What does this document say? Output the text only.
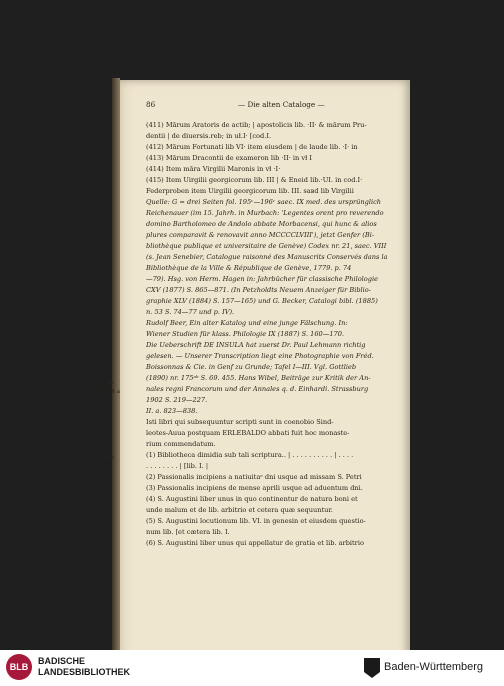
86	— Die alten Cataloge —
(411) Mārum Aratoris de actib; | apostolicis lib. ·II· & mārum Pru-
dentii | de diuersis.reb; in uł.I· [cod.I.
(412) Mārum Fortunati lib VI· item eiusdem | de laude lib. ·I· in
(413) Mārum Dracontii de exameron lib ·II· in vł I
(414) Item mārа Virgilii Maronis in vł ·I·
(415) Item Uirgilii georgicorum lib. III | & Eneid lib.·UI. in cod.I·
Federproben item Uirgilii georgicorum lib. III. sавd lib Virgilii
Quelle: G = drei Seiten fol. 195ᵛ—196ᵛ saec. IX med. des ursprünglich
Reichenauer (im 15. Jahrh. in Murbach: 'Legentes orent pro reverendo
domino Bartholomeo de Andolo abbate Morbacensi, qui hunc & alios
plures comparavit & renovavit anno MCCCCLVIII'), jetzt Genfer (Bi-
bliothèque publique et universitaire de Genève) Codex nr. 21, saec. VIII
(s. Jean Senebier, Catalogue raisonné des Manuscrits Conservés dans la
Bibliothèque de la Ville & République de Genève, 1779. p. 74
—79). Hsg. von Herm. Hagen in: Jahrbücher für classische Philologie
CXV (1877) S. 865—871. (In Petzholdts Neuem Anzeiger für Biblio-
graphie XLV (1884) S. 157—165) und G. Becker, Catalogi bibl. (1885)
n. 53 S. 74—77 und p. IV).
Rudolf Beer, Ein alter Katalog und eine junge Fälschung. In:
Wiener Studien für klass. Philologie IX (1887) S. 160—170.
Die Ueberschrift DE INSULA hat zuerst Dr. Paul Lehmann richtig
gelesen. — Unserer Transcription liegt eine Photographie von Fréd.
Boissonnas & Cie. in Genf zu Grunde; Tafel I—III. Vgl. Gottlieb
(1890) nr. 175ᵃᵇ S. 69. 455. Hans Wibel, Beiträge zur Kritik der An-
nales regni Francorum und der Annales q. d. Einhardi. Strassburg
1902 S. 219—227.
II. a. 823—838.
Isti libri qui subsequuntur scripti sunt in coenobio Sind-
leotes-Auua postquam ERLEBALDO abbati fuit hoc monaste-
rium commendatum.
(1) Bibliotheca dimidia sub tali scriptura.. | . . . . . . . . . . | . . . .
. . . . . . . . | [lib. I. |
(2) Passionalis incipiens a natiuitaᵉ dni usque ad missam S. Petri
(3) Passionalis incipiens de mense aprili usque ad aduentum dni.
(4) S. Augustini liber unus in quo continentur de natura boni et
unde malum et de lib. arbitrio et cetera quæ sequuntur.
(5) S. Augustini locutionum lib. VI. in genesin et eiusdem questio-
num lib. [et cætera lib. I.
(6) S. Augustini liber unus qui appellatur de gratia et lib. arbitrio
+
N.544 a
544 b
BLB
BADISCHE
LANDESBIBLIOTHEK	Baden-Württemberg
